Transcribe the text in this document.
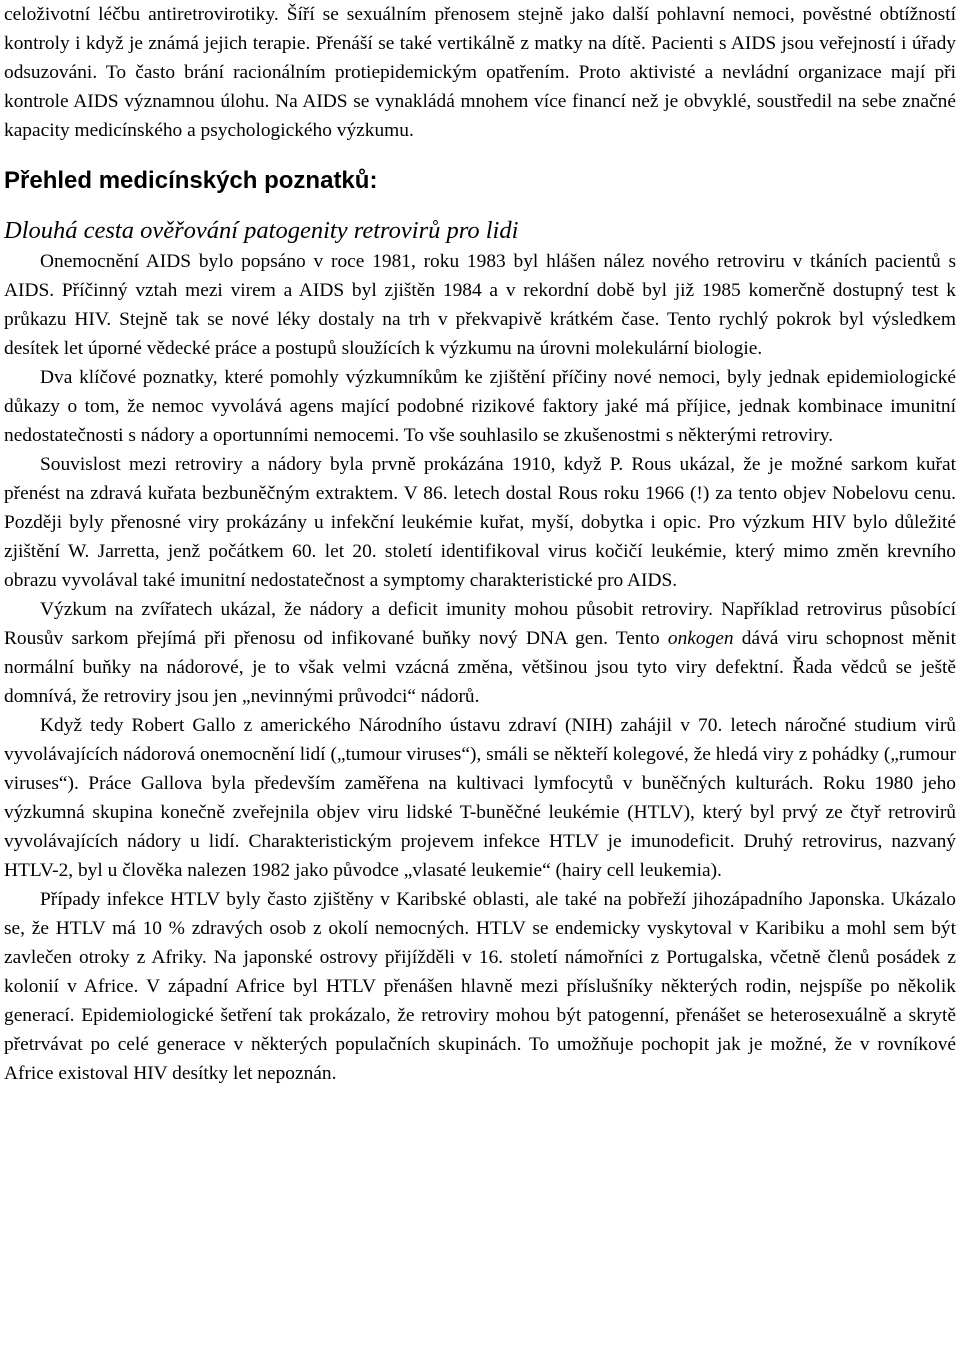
celoživotní léčbu antiretrovirotiky. Šíří se sexuálním přenosem stejně jako další pohlavní nemoci, pověstné obtížností kontroly i když je známá jejich terapie. Přenáší se také vertikálně z matky na dítě. Pacienti s AIDS jsou veřejností i úřady odsuzováni. To často brání racionálním protiepidemickým opatřením. Proto aktivisté a nevládní organizace mají při kontrole AIDS významnou úlohu. Na AIDS se vynakládá mnohem více financí než je obvyklé, soustředil na sebe značné kapacity medicínského a psychologického výzkumu.

Přehled medicínských poznatků:
Dlouhá cesta ověřování patogenity retrovirů pro lidi

Onemocnění AIDS bylo popsáno v roce 1981, roku 1983 byl hlášen nález nového retroviru v tkáních pacientů s AIDS. Příčinný vztah mezi virem a AIDS byl zjištěn 1984 a v rekordní době byl již 1985 komerčně dostupný test k průkazu HIV. Stejně tak se nové léky dostaly na trh v překvapivě krátkém čase. Tento rychlý pokrok byl výsledkem desítek let úporné vědecké práce a postupů sloužících k výzkumu na úrovni molekulární biologie.

Dva klíčové poznatky, které pomohly výzkumníkům ke zjištění příčiny nové nemoci, byly jednak epidemiologické důkazy o tom, že nemoc vyvolává agens mající podobné rizikové faktory jaké má příjice, jednak kombinace imunitní nedostatečnosti s nádory a oportunními nemocemi. To vše souhlasilo se zkušenostmi s některými retroviry.

Souvislost mezi retroviry a nádory byla prvně prokázána 1910, když P. Rous ukázal, že je možné sarkom kuřat přenést na zdravá kuřata bezbuněčným extraktem. V 86. letech dostal Rous roku 1966 (!) za tento objev Nobelovu cenu. Později byly přenosné viry prokázány u infekční leukémie kuřat, myší, dobytka i opic. Pro výzkum HIV bylo důležité zjištění W. Jarretta, jenž počátkem 60. let 20. století identifikoval virus kočičí leukémie, který mimo změn krevního obrazu vyvolával také imunitní nedostatečnost a symptomy charakteristické pro AIDS.

Výzkum na zvířatech ukázal, že nádory a deficit imunity mohou působit retroviry. Například retrovirus působící Rousův sarkom přejímá při přenosu od infikované buňky nový DNA gen. Tento onkogen dává viru schopnost měnit normální buňky na nádorové, je to však velmi vzácná změna, většinou jsou tyto viry defektní. Řada vědců se ještě domnívá, že retroviry jsou jen „nevinnými průvodci“ nádorů.

Když tedy Robert Gallo z amerického Národního ústavu zdraví (NIH) zahájil v 70. letech náročné studium virů vyvolávajících nádorová onemocnění lidí („tumour viruses“), smáli se někteří kolegové, že hledá viry z pohádky („rumour viruses“). Práce Gallova byla především zaměřena na kultivaci lymfocytů v buněčných kulturách. Roku 1980 jeho výzkumná skupina konečně zveřejnila objev viru lidské T-buněčné leukémie (HTLV), který byl prvý ze čtyř retrovirů vyvolávajících nádory u lidí. Charakteristickým projevem infekce HTLV je imunodeficit. Druhý retrovirus, nazvaný HTLV-2, byl u člověka nalezen 1982 jako původce „vlasaté leukemie“ (hairy cell leukemia).

Případy infekce HTLV byly často zjištěny v Karibské oblasti, ale také na pobřeží jihozápadního Japonska. Ukázalo se, že HTLV má 10 % zdravých osob z okolí nemocných. HTLV se endemicky vyskytoval v Karibiku a mohl sem být zavlečen otroky z Afriky. Na japonské ostrovy přijížděli v 16. století námořníci z Portugalska, včetně členů posádek z kolonií v Africe. V západní Africe byl HTLV přenášen hlavně mezi příslušníky některých rodin, nejspíše po několik generací. Epidemiologické šetření tak prokázalo, že retroviry mohou být patogenní, přenášet se heterosexuálně a skrytě přetrvávat po celé generace v některých populačních skupinách. To umožňuje pochopit jak je možné, že v rovníkové Africe existoval HIV desítky let nepoznán.
